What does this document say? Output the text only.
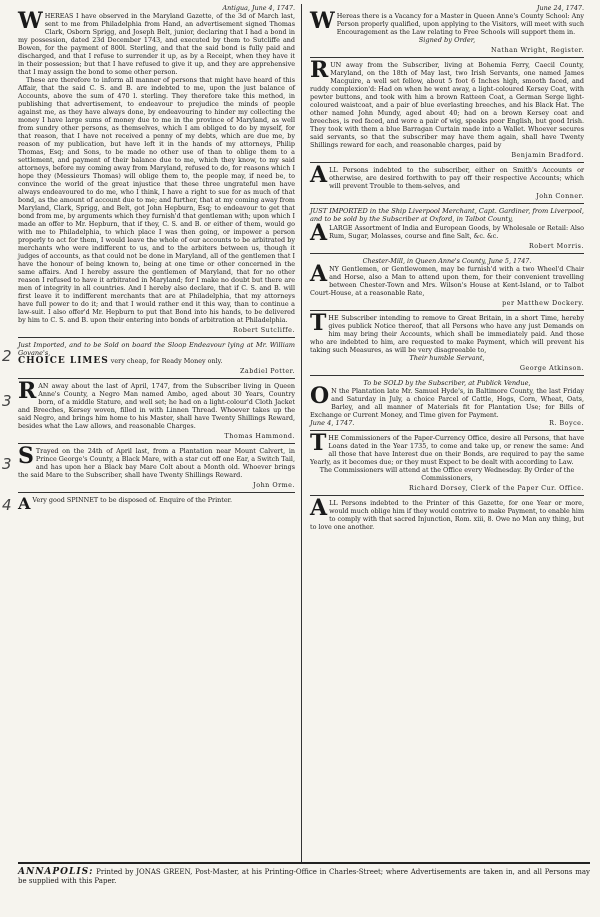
Antigua, June 4, 1747.
W HEREAS I have observed in the Maryland Gazette, of the 3d of March last, sent to me from Philadelphia from Hand, an advertisement signed Thomas Clark, Osborn Sprigg, and Joseph Belt, junior, declaring that I had a bond in my possession, dated 23d December 1743, and executed by them to Sutcliffe and Bowen, for the payment of 800l. Sterling, and that the said bond is fully paid and discharged, and that I refuse to surrender it up, as by a Receipt, when they have it in their possession; but that I have refused to give it up, and they are apprehensive that I may assign the bond to some other person.

These are therefore to inform all manner of persons that might have heard of this Affair, that the said C. S. and B. are indebted to me, upon the just balance of Accounts, above the sum of 470 l. sterling. They therefore take this method, in publishing that advertisement, to endeavour to prejudice the minds of people against me, as they have always done, by endeavouring to hinder my collecting the money I have large sums of money due to me in the province of Maryland, as well from sundry other persons, as themselves, which I am obliged to do by myself, for that reason, that I have not received a penny of my debts, which are due me, by reason of my publication, but have left it in the hands of my attorneys, Philip Thomas, Esq; and Sons, to be made no other use of than to oblige them to a settlement, and payment of their balance due to me, which they know, to my said attorneys, before my coming away from Maryland, refused to do, for reasons which I hope they (Messieurs Thomas) will oblige them to, the people may, if need be, to convince the world of the great injustice that these three ungrateful men have always endeavoured to do me, who I think, I have a right to sue for as much of that bond, as the amount of account due to me; and further, that at my coming away from Maryland, Clark, Sprigg, and Belt, got John Hepburn, Esq; to endeavour to get that bond from me, by arguments which they furnish'd that gentleman with; upon which I made an offer to Mr. Hepburn, that if they, C. S. and B. or either of them, would go with me to Philadelphia, to which place I was then going, or impower a person properly to act for them, I would leave the whole of our accounts to be arbitrated by merchants who were indifferent to us, and to the arbiters between us, though it judges of accounts, as that could not be done in Maryland, all of the gentlemen that I have the honour of being known to, being at one time or other concerned in the same affairs. And I hereby assure the gentlemen of Maryland, that for no other reason I refused to have it arbitrated in Maryland; for I make no doubt but there are men of integrity in all countries. And I hereby also declare, that if C. S. and B. will first leave it to indifferent merchants that are at Philadelphia, that my attorneys have full power to do it; and that I would rather end it this way, than to continue a law-suit. I also offer'd Mr. Hepburn to put that Bond into his hands, to be delivered by him to C. S. and B. upon their entering into bonds of arbitration at Philadelphia.

Robert Sutcliffe.
2

Just Imported, and to be Sold on board the Sloop Endeavour lying at Mr. William Govane's,

CHOICE LIMES very cheap, for Ready Money only.

Zabdiel Potter.
3 R AN away about the last of April, 1747, from the Subscriber living in Queen Anne's County, a Negro Man named Ambo, aged about 30 Years, Country born, of a middle Stature, and well set; he had on a light-colour'd Cloth Jacket and Breeches, Kersey woven, filled in with Linnen Thread. Whoever takes up the said Negro, and brings him home to his Master, shall have Twenty Shillings Reward, besides what the Law allows, and reasonable Charges.

Thomas Hammond.
3 S Trayed on the 24th of April last, from a Plantation near Mount Calvert, in Prince George's County, a Black Mare, with a star cut off one Ear, a Switch Tail, and has upon her a Black bay Mare Colt about a Month old. Whoever brings the said Mare to the Subscriber, shall have Twenty Shillings Reward.

John Orme.
4 A Very good SPINNET to be disposed of. Enquire of the Printer.

June 24, 1747.
W Hereas there is a Vacancy for a Master in Queen Anne's County School: Any Person properly qualified, upon applying to the Visitors, will meet with such Encouragement as the Law relating to Free Schools will support them in.

Signed by Order,

Nathan Wright, Register.
R UN away from the Subscriber, living at Bohemia Ferry, Caecil County, Maryland, on the 18th of May last, two Irish Servants, one named James Macguire, a well set fellow, about 5 foot 6 Inches high, smooth faced, and ruddy complexion'd: Had on when he went away, a light-coloured Kersey Coat, with pewter buttons, and took with him a brown Ratteen Coat, a German Serge light-coloured waistcoat, and a pair of blue everlasting breeches, and his Black Hat. The other named John Mundy, aged about 40; had on a brown Kersey coat and breeches, is red faced, and wore a pair of wig, speaks poor English, but good Irish. They took with them a blue Barragan Curtain made into a Wallet. Whoever secures said servants, so that the subscriber may have them again, shall have Twenty Shillings reward for each, and reasonable charges, paid by

Benjamin Bradford.
A LL Persons indebted to the subscriber, either on Smith's Accounts or otherwise, are desired forthwith to pay off their respective Accounts; which will prevent Trouble to them-selves, and

John Conner.

JUST IMPORTED in the Ship Liverpool Merchant, Capt. Gardiner, from Liverpool, and to be sold by the Subscriber at Oxford, in Talbot County,

A LARGE Assortment of India and European Goods, by Wholesale or Retail: Also Rum, Sugar, Molasses, course and fine Salt, &c. &c.

Robert Morris.
Chester-Mill, in Queen Anne's County, June 5, 1747.
A NY Gentlemen, or Gentlewomen, may be furnish'd with a two Wheel'd Chair and Horse, also a Man to attend upon them, for their convenient travelling between Chester-Town and Mrs. Wilson's House at Kent-Island, or to Talbot Court-House, at a reasonable Rate,

per Matthew Dockery.
T HE Subscriber intending to remove to Great Britain, in a short Time, hereby gives publick Notice thereof, that all Persons who have any just Demands on him may bring their Accounts, which shall be immediately paid. And those who are indebted to him, are requested to make Payment, which will prevent his taking such Measures, as will be very disagreeable to,

Their humble Servant,

George Atkinson.

To be SOLD by the Subscriber, at Publick Vendue,

O N the Plantation late Mr. Samuel Hyde's, in Baltimore County, the last Friday and Saturday in July, a choice Parcel of Cattle, Hogs, Corn, Wheat, Oats, Barley, and all manner of Materials fit for Plantation Use; for Bills of Exchange or Current Money, and Time given for Payment.

June 4, 1747.	R. Boyce.
T HE Commissioners of the Paper-Currency Office, desire all Persons, that have Loans dated in the Year 1735, to come and take up, or renew the same: And all those that have Interest due on their Bonds, are required to pay the same Yearly, as it becomes due; or they must Expect to be dealt with according to Law.

The Commissioners will attend at the Office every Wednesday. By Order of the Commissioners,

Richard Dorsey, Clerk of the Paper Cur. Office.
A LL Persons indebted to the Printer of this Gazette, for one Year or more, would much oblige him if they would contrive to make Payment, to enable him to comply with that sacred Injunction, Rom. xiii, 8. Owe no Man any thing, but to love one another.

ANNAPOLIS: Printed by JONAS GREEN, Post-Master, at his Printing-Office in Charles-Street; where Advertisements are taken in, and all Persons may be supplied with this Paper.
